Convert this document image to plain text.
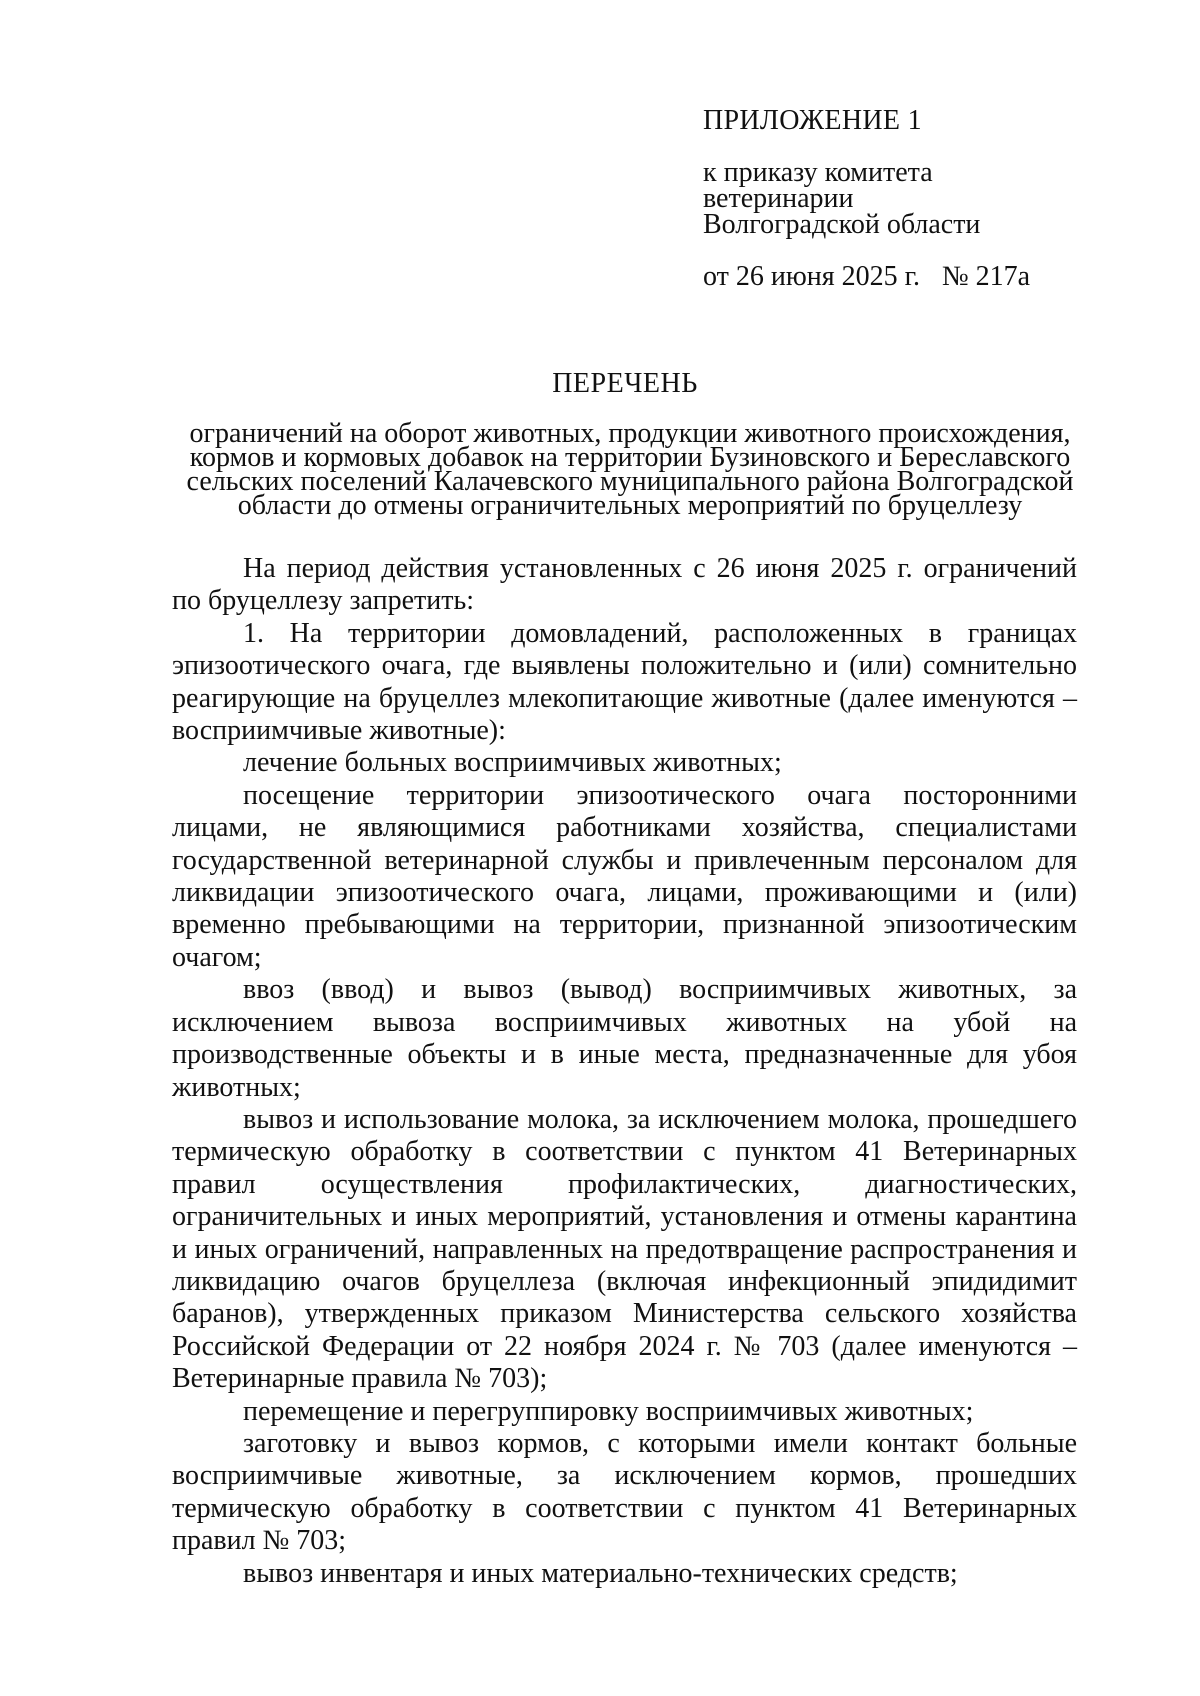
ПРИЛОЖЕНИЕ 1
к приказу комитета
ветеринарии
Волгоградской области
от 26 июня 2025 г. № 217а
ПЕРЕЧЕНЬ
ограничений на оборот животных, продукции животного происхождения,
кормов и кормовых добавок на территории Бузиновского и Береславского
сельских поселений Калачевского муниципального района Волгоградской
области до отмены ограничительных мероприятий по бруцеллезу

На период действия установленных с 26 июня 2025 г. ограничений по бруцеллезу запретить:

1. На территории домовладений, расположенных в границах эпизоотического очага, где выявлены положительно и (или) сомнительно реагирующие на бруцеллез млекопитающие животные (далее именуются – восприимчивые животные):

лечение больных восприимчивых животных;

посещение территории эпизоотического очага посторонними лицами, не являющимися работниками хозяйства, специалистами государственной ветеринарной службы и привлеченным персоналом для ликвидации эпизоотического очага, лицами, проживающими и (или) временно пребывающими на территории, признанной эпизоотическим очагом;

ввоз (ввод) и вывоз (вывод) восприимчивых животных, за исключением вывоза восприимчивых животных на убой на производственные объекты и в иные места, предназначенные для убоя животных;

вывоз и использование молока, за исключением молока, прошедшего термическую обработку в соответствии с пунктом 41 Ветеринарных правил осуществления профилактических, диагностических, ограничительных и иных мероприятий, установления и отмены карантина и иных ограничений, направленных на предотвращение распространения и ликвидацию очагов бруцеллеза (включая инфекционный эпидидимит баранов), утвержденных приказом Министерства сельского хозяйства Российской Федерации от 22 ноября 2024 г. № 703 (далее именуются – Ветеринарные правила № 703);

перемещение и перегруппировку восприимчивых животных;

заготовку и вывоз кормов, с которыми имели контакт больные восприимчивые животные, за исключением кормов, прошедших термическую обработку в соответствии с пунктом 41 Ветеринарных правил № 703;

вывоз инвентаря и иных материально-технических средств;
